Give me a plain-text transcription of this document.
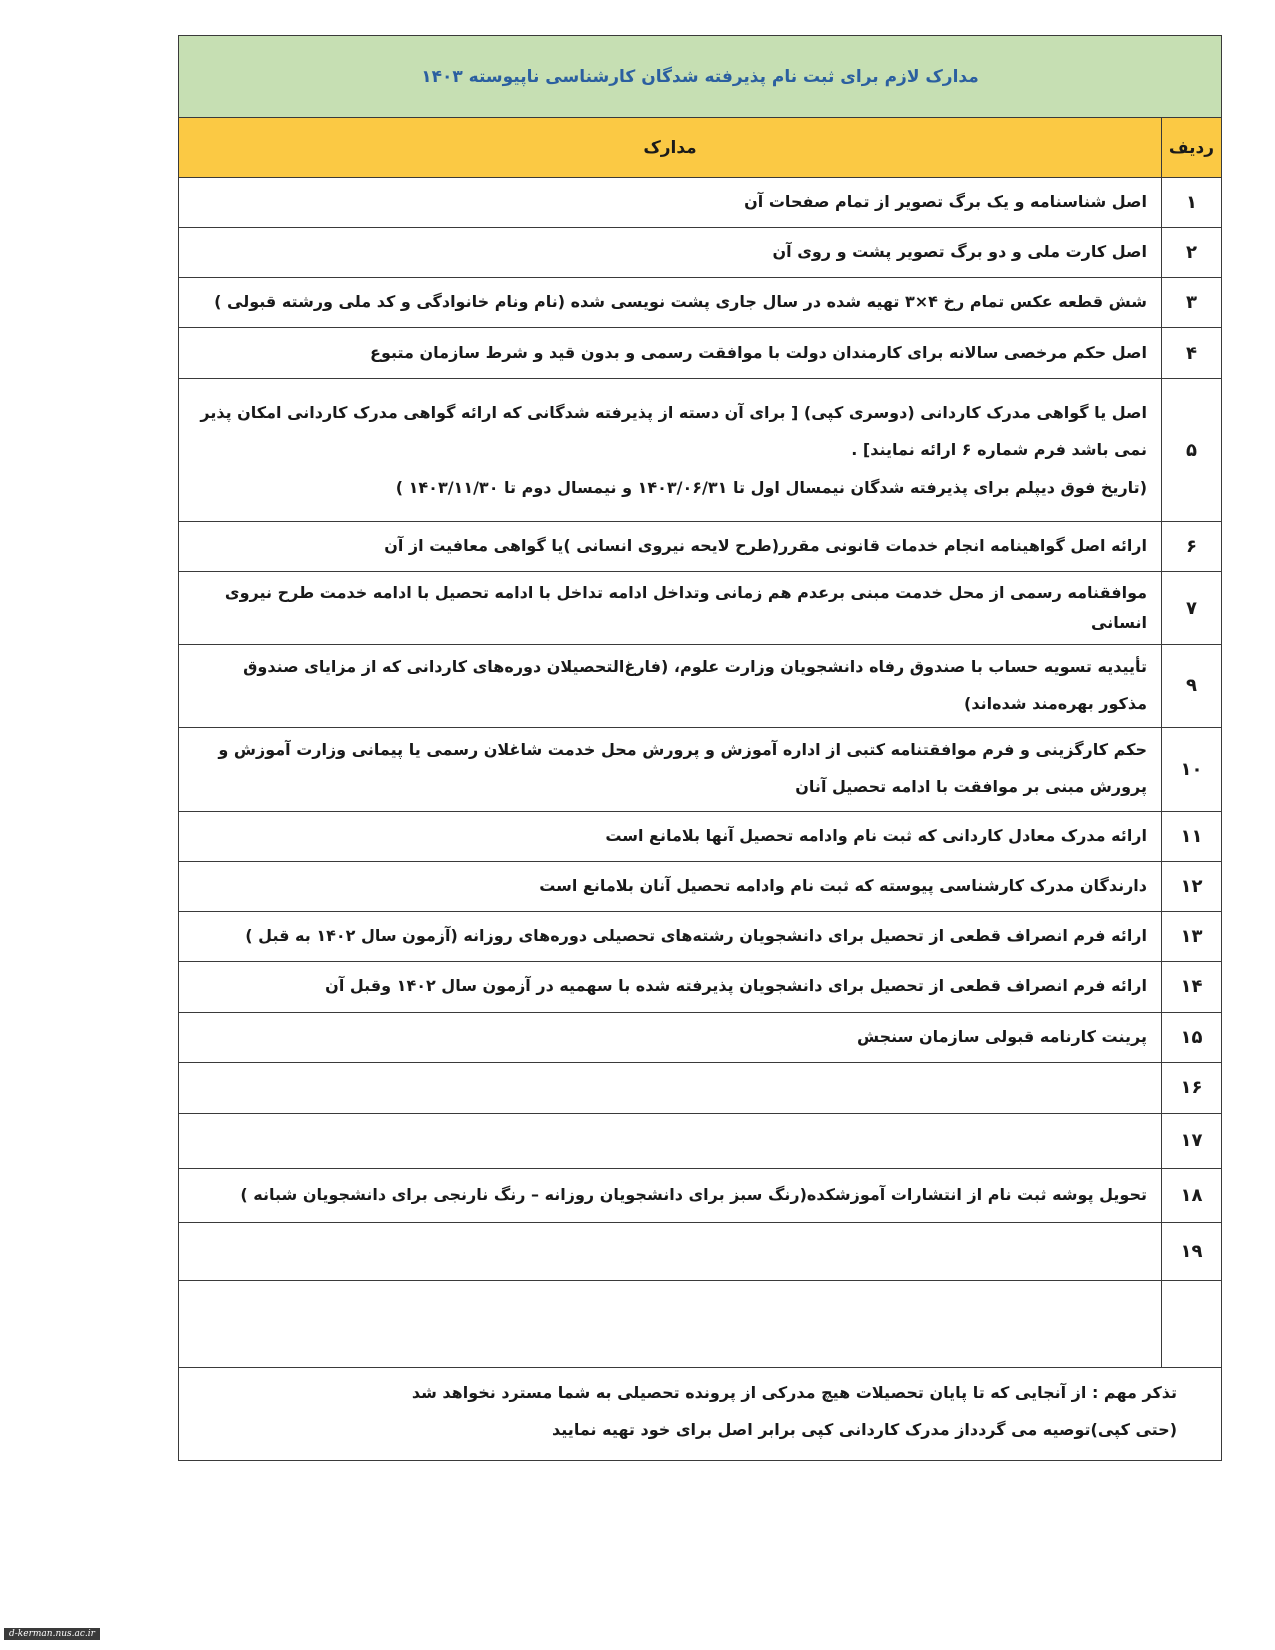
مدارک لازم برای ثبت نام پذیرفته شدگان کارشناسی ناپیوسته ۱۴۰۳	
ردیف	مدارک
۱	اصل شناسنامه و یک برگ تصویر از تمام صفحات آن

۲	اصل کارت ملی و دو برگ تصویر پشت و روی آن

۳	شش قطعه عکس تمام رخ ۴×۳ تهیه شده در سال جاری پشت نویسی شده (نام ونام خانوادگی و کد ملی ورشته قبولی )

۴	اصل حکم مرخصی سالانه برای کارمندان دولت با موافقت رسمی و بدون قید و شرط سازمان متبوع

۵	اصل یا گواهی مدرک کاردانی (دوسری کپی) [ برای آن دسته از پذیرفته شدگانی که ارائه گواهی مدرک کاردانی امکان پذیر نمی باشد فرم شماره ۶ ارائه نمایند] .

(تاریخ فوق دیپلم برای پذیرفته شدگان نیمسال اول تا ۱۴۰۳/۰۶/۳۱ و نیمسال دوم تا ۱۴۰۳/۱۱/۳۰ )

۶	ارائه اصل گواهینامه انجام خدمات قانونی مقرر(طرح لایحه نیروی انسانی )یا گواهی معافیت از آن

۷	موافقنامه رسمی از محل خدمت مبنی برعدم هم زمانی وتداخل ادامه تداخل با ادامه تحصیل با ادامه خدمت طرح نیروی انسانی

۹	تأییدیه تسویه حساب با صندوق رفاه دانشجویان وزارت علوم، (فارغ‌التحصیلان دوره‌های کاردانی که از مزایای صندوق مذکور بهره‌مند شده‌اند)

۱۰	حکم کارگزینی و فرم موافقتنامه کتبی از اداره آموزش و پرورش محل خدمت شاغلان رسمی یا پیمانی وزارت آموزش و پرورش مبنی بر موافقت با ادامه تحصیل آنان

۱۱	ارائه مدرک معادل کاردانی که ثبت نام وادامه تحصیل آنها بلامانع است

۱۲	دارندگان مدرک کارشناسی پیوسته که ثبت نام وادامه تحصیل آنان بلامانع است

۱۳	ارائه فرم انصراف قطعی از تحصیل برای دانشجویان رشته‌های تحصیلی دوره‌های روزانه (آزمون سال ۱۴۰۲ به قبل )

۱۴	ارائه فرم انصراف قطعی از تحصیل برای دانشجویان پذیرفته شده با سهمیه در آزمون سال ۱۴۰۲ وقبل آن

۱۵	پرینت کارنامه قبولی سازمان سنجش

۱۶	

۱۷	

۱۸	تحویل پوشه ثبت نام از انتشارات آموزشکده(رنگ سبز برای دانشجویان روزانه – رنگ نارنجی برای دانشجویان شبانه )

۱۹	

تذکر مهم : از آنجایی که تا پایان تحصیلات هیچ مدرکی از پرونده تحصیلی به شما مسترد نخواهد شد

(حتی کپی)توصیه می گردداز مدرک کاردانی کپی برابر اصل برای خود تهیه نمایید	

d-kerman.nus.ac.ir
